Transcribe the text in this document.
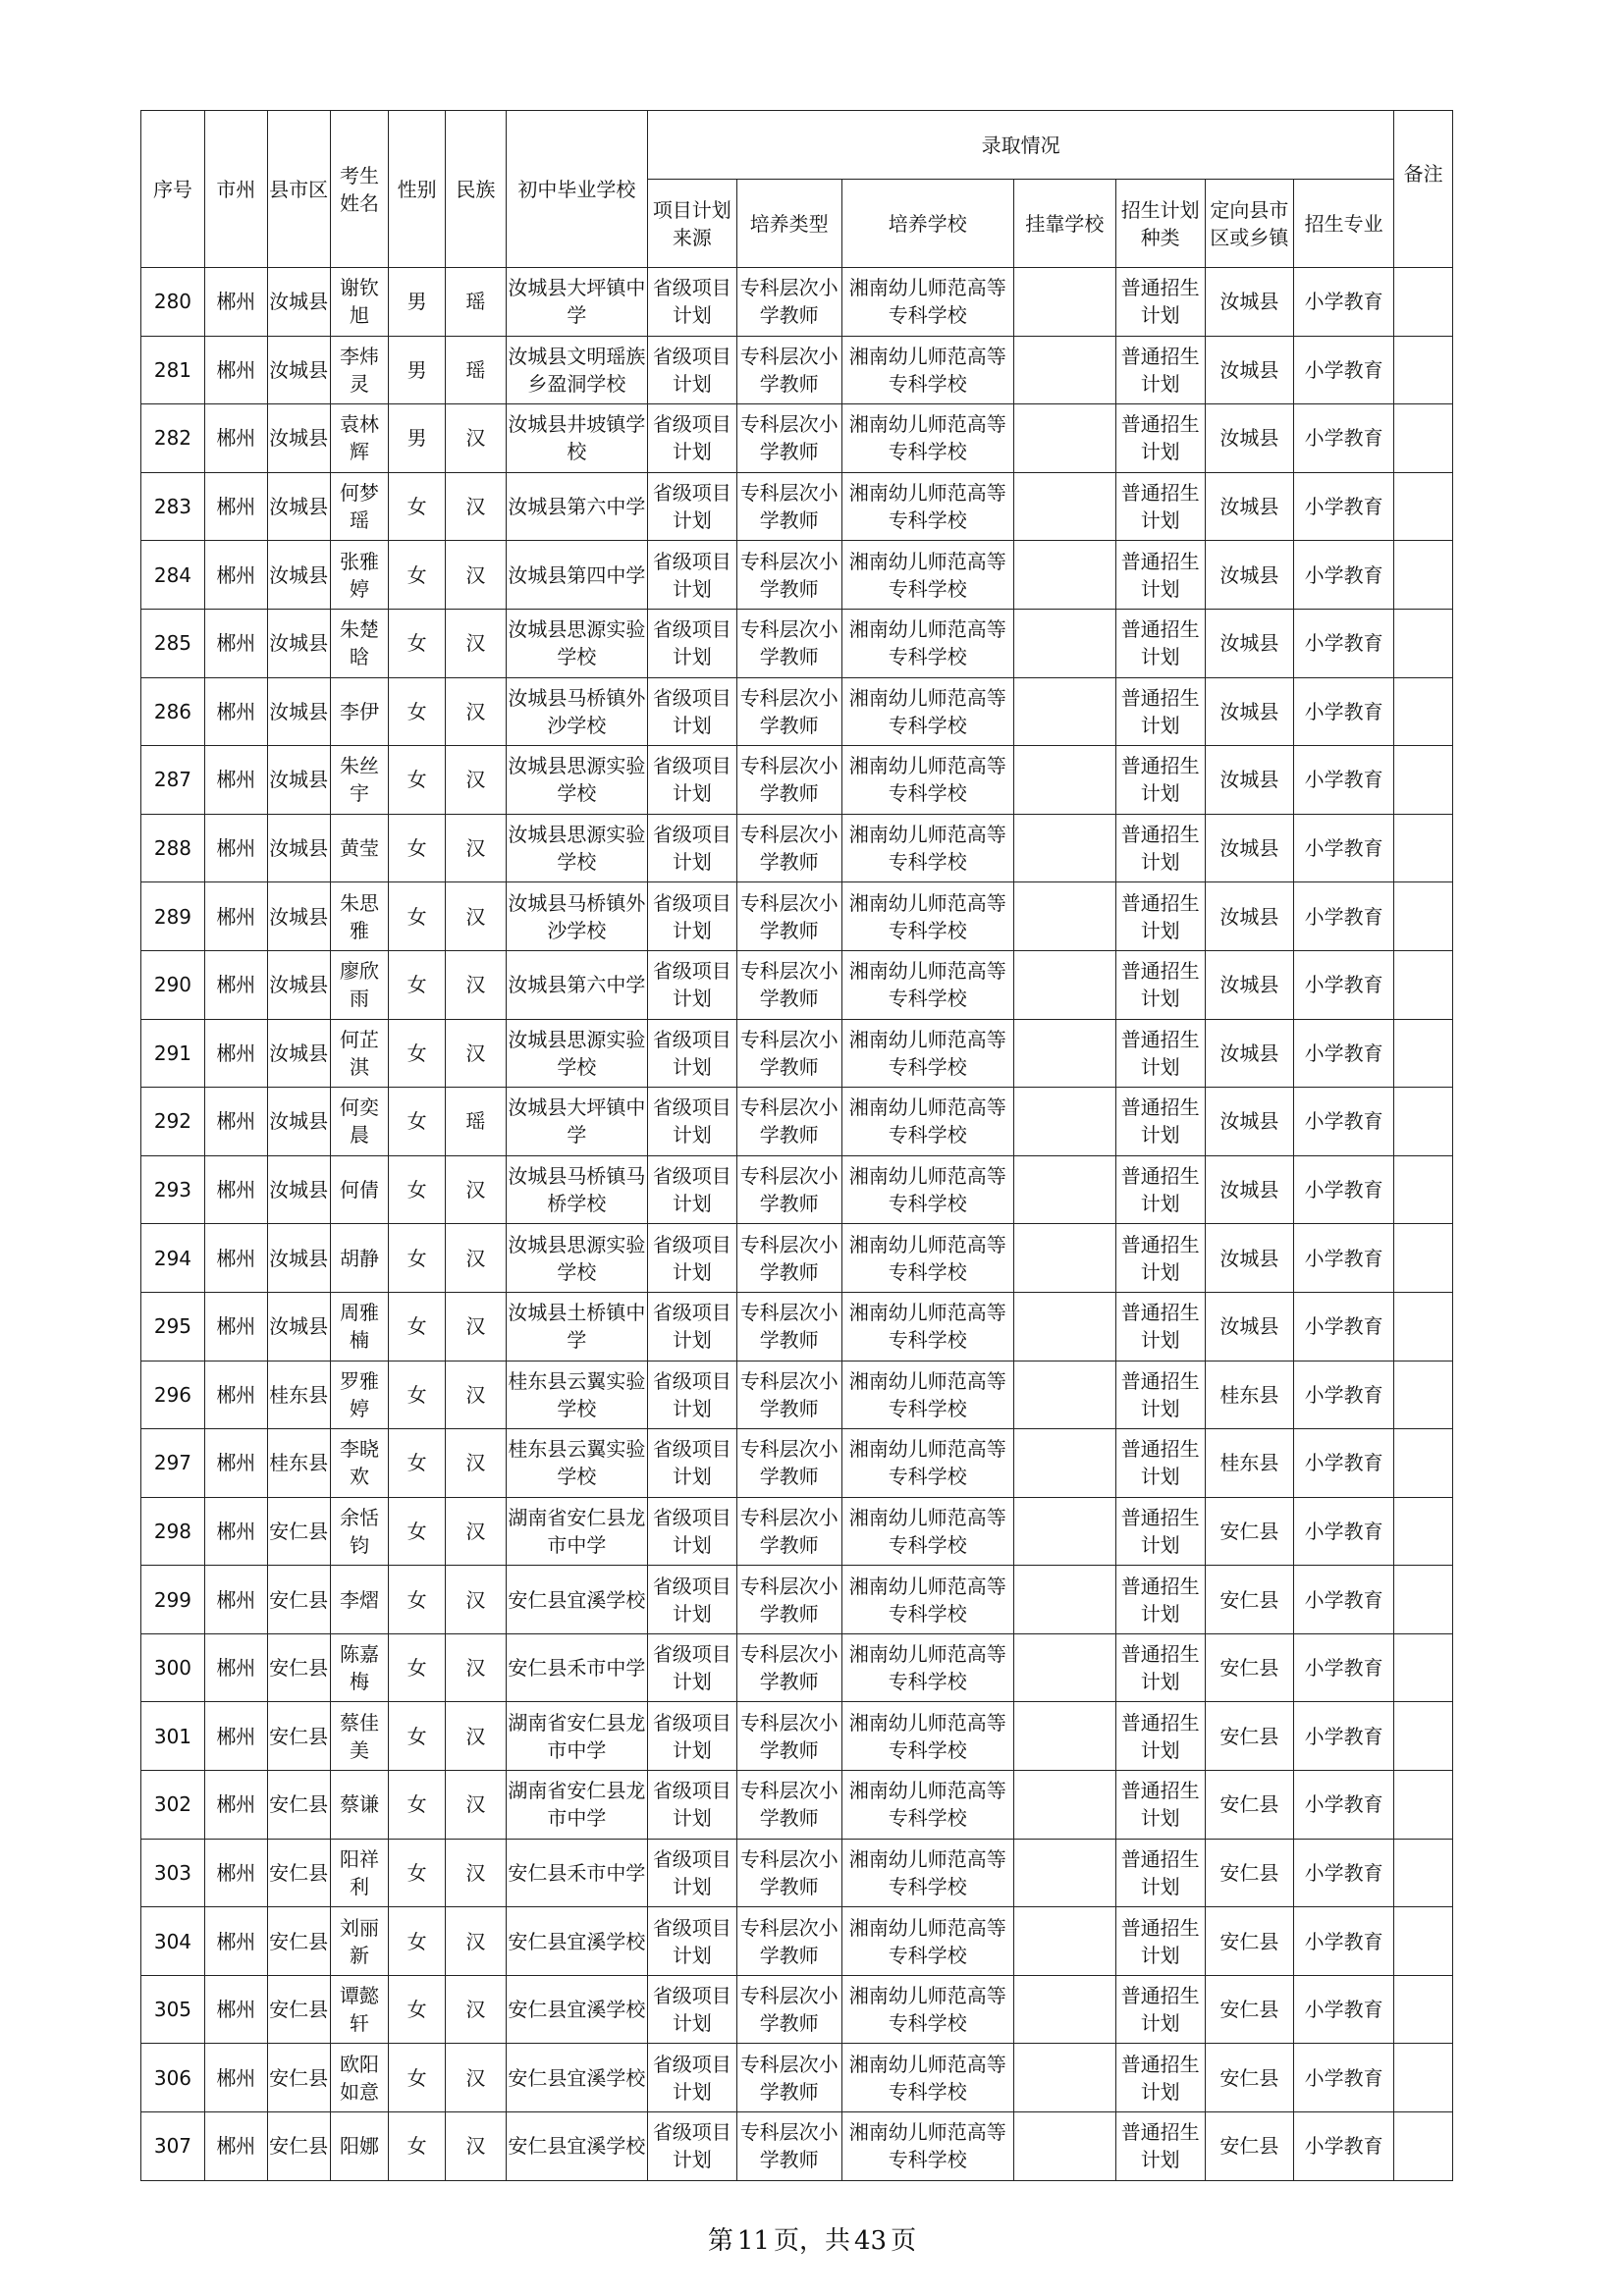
序号	市州	县市区	考生姓名	性别	民族	初中毕业学校	录取情况							备注
							项目计划来源	培养类型	培养学校	挂靠学校	招生计划种类	定向县市区或乡镇	招生专业	

280	郴州	汝城县	谢钦旭	男	瑶	汝城县大坪镇中学	省级项目计划	专科层次小学教师	湘南幼儿师范高等专科学校		普通招生计划	汝城县	小学教育	

281	郴州	汝城县	李炜灵	男	瑶	汝城县文明瑶族乡盈洞学校	省级项目计划	专科层次小学教师	湘南幼儿师范高等专科学校		普通招生计划	汝城县	小学教育	

282	郴州	汝城县	袁林辉	男	汉	汝城县井坡镇学校	省级项目计划	专科层次小学教师	湘南幼儿师范高等专科学校		普通招生计划	汝城县	小学教育	

283	郴州	汝城县	何梦瑶	女	汉	汝城县第六中学	省级项目计划	专科层次小学教师	湘南幼儿师范高等专科学校		普通招生计划	汝城县	小学教育	

284	郴州	汝城县	张雅婷	女	汉	汝城县第四中学	省级项目计划	专科层次小学教师	湘南幼儿师范高等专科学校		普通招生计划	汝城县	小学教育	

285	郴州	汝城县	朱楚晗	女	汉	汝城县思源实验学校	省级项目计划	专科层次小学教师	湘南幼儿师范高等专科学校		普通招生计划	汝城县	小学教育	

286	郴州	汝城县	李伊	女	汉	汝城县马桥镇外沙学校	省级项目计划	专科层次小学教师	湘南幼儿师范高等专科学校		普通招生计划	汝城县	小学教育	

287	郴州	汝城县	朱丝宇	女	汉	汝城县思源实验学校	省级项目计划	专科层次小学教师	湘南幼儿师范高等专科学校		普通招生计划	汝城县	小学教育	

288	郴州	汝城县	黄莹	女	汉	汝城县思源实验学校	省级项目计划	专科层次小学教师	湘南幼儿师范高等专科学校		普通招生计划	汝城县	小学教育	

289	郴州	汝城县	朱思雅	女	汉	汝城县马桥镇外沙学校	省级项目计划	专科层次小学教师	湘南幼儿师范高等专科学校		普通招生计划	汝城县	小学教育	

290	郴州	汝城县	廖欣雨	女	汉	汝城县第六中学	省级项目计划	专科层次小学教师	湘南幼儿师范高等专科学校		普通招生计划	汝城县	小学教育	

291	郴州	汝城县	何芷淇	女	汉	汝城县思源实验学校	省级项目计划	专科层次小学教师	湘南幼儿师范高等专科学校		普通招生计划	汝城县	小学教育	

292	郴州	汝城县	何奕晨	女	瑶	汝城县大坪镇中学	省级项目计划	专科层次小学教师	湘南幼儿师范高等专科学校		普通招生计划	汝城县	小学教育	

293	郴州	汝城县	何倩	女	汉	汝城县马桥镇马桥学校	省级项目计划	专科层次小学教师	湘南幼儿师范高等专科学校		普通招生计划	汝城县	小学教育	

294	郴州	汝城县	胡静	女	汉	汝城县思源实验学校	省级项目计划	专科层次小学教师	湘南幼儿师范高等专科学校		普通招生计划	汝城县	小学教育	

295	郴州	汝城县	周雅楠	女	汉	汝城县土桥镇中学	省级项目计划	专科层次小学教师	湘南幼儿师范高等专科学校		普通招生计划	汝城县	小学教育	

296	郴州	桂东县	罗雅婷	女	汉	桂东县云翼实验学校	省级项目计划	专科层次小学教师	湘南幼儿师范高等专科学校		普通招生计划	桂东县	小学教育	

297	郴州	桂东县	李晓欢	女	汉	桂东县云翼实验学校	省级项目计划	专科层次小学教师	湘南幼儿师范高等专科学校		普通招生计划	桂东县	小学教育	

298	郴州	安仁县	余恬钧	女	汉	湖南省安仁县龙市中学	省级项目计划	专科层次小学教师	湘南幼儿师范高等专科学校		普通招生计划	安仁县	小学教育	

299	郴州	安仁县	李熠	女	汉	安仁县宜溪学校	省级项目计划	专科层次小学教师	湘南幼儿师范高等专科学校		普通招生计划	安仁县	小学教育	

300	郴州	安仁县	陈嘉梅	女	汉	安仁县禾市中学	省级项目计划	专科层次小学教师	湘南幼儿师范高等专科学校		普通招生计划	安仁县	小学教育	

301	郴州	安仁县	蔡佳美	女	汉	湖南省安仁县龙市中学	省级项目计划	专科层次小学教师	湘南幼儿师范高等专科学校		普通招生计划	安仁县	小学教育	

302	郴州	安仁县	蔡谦	女	汉	湖南省安仁县龙市中学	省级项目计划	专科层次小学教师	湘南幼儿师范高等专科学校		普通招生计划	安仁县	小学教育	

303	郴州	安仁县	阳祥利	女	汉	安仁县禾市中学	省级项目计划	专科层次小学教师	湘南幼儿师范高等专科学校		普通招生计划	安仁县	小学教育	

304	郴州	安仁县	刘丽新	女	汉	安仁县宜溪学校	省级项目计划	专科层次小学教师	湘南幼儿师范高等专科学校		普通招生计划	安仁县	小学教育	

305	郴州	安仁县	谭懿轩	女	汉	安仁县宜溪学校	省级项目计划	专科层次小学教师	湘南幼儿师范高等专科学校		普通招生计划	安仁县	小学教育	

306	郴州	安仁县	欧阳如意	女	汉	安仁县宜溪学校	省级项目计划	专科层次小学教师	湘南幼儿师范高等专科学校		普通招生计划	安仁县	小学教育	

307	郴州	安仁县	阳娜	女	汉	安仁县宜溪学校	省级项目计划	专科层次小学教师	湘南幼儿师范高等专科学校		普通招生计划	安仁县	小学教育	

第 11 页，共 43 页
